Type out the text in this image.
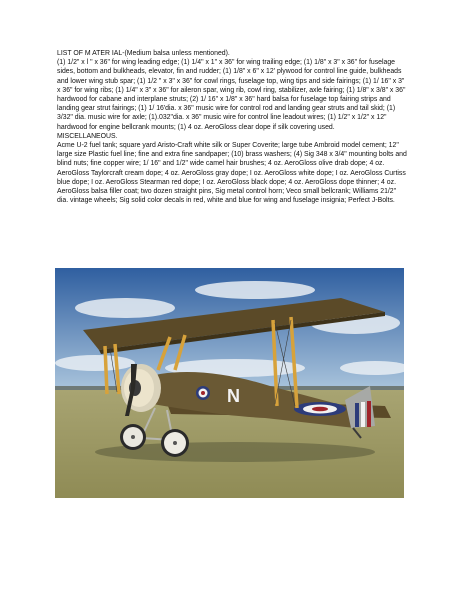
LIST OF M ATER IAL-(Medium balsa unless mentioned).

(1) 1/2" x l " x 36" for wing leading edge; (1) 1/4" x 1" x 36" for wing trailing edge; (1) 1/8" x 3" x 36" for fuselage sides, bottom and bulkheads, elevator, fin and rudder; (1) 1/8" x 6" x 12' plywood for control line guide, bulkheads and lower wing stub spar; (1) 1/2 " x 3" x 36" for cowl rings, fuselage top, wing tips and side fairings; (1) 1/ 16" x 3" x 36" for wing ribs; (1) 1/4" x 3" x 36" for aileron spar, wing rib, cowl ring, stabilizer, axle fairing; (1) 1/8" x 3/8" x 36" hardwood for cabane and interplane struts; (2) 1/ 16" x 1/8" x 36" hard balsa for fuselage top fairing strips and landing gear strut fairings; (1) 1/ 16'dia. x 36" music wire for control rod and landing gear struts and tail skid; (1) 3/32" dia. music wire for axle; (1).032"dia. x 36" music wire for control line leadout wires; (1) 1/2" x 1/2" x 12" hardwood for engine bellcrank mounts; (1) 4 oz. AeroGloss clear dope if silk covering used.

MISCELLANEOUS.

Acme U-2 fuel tank; square yard Aristo-Craft white silk or Super Coverite; large tube Ambroid model cement; 12" large size Plastic fuel line; fine and extra fine sandpaper; (10) brass washers; (4) Sig 348 x 3/4" mounting bolts and blind nuts; fine copper wire; 1/ 16" and 1/2" wide camel hair brushes; 4 oz. AeroGloss olive drab dope; 4 oz. AeroGloss Taylorcraft cream dope; 4 oz. AeroGloss gray dope; I oz. AeroGloss white dope; I oz. AeroGloss Curtiss blue dope; I oz. AeroGloss Stearman red dope; I oz. AeroGloss black dope; 4 oz. AeroGloss dope thinner; 4 oz. AeroGloss balsa filler coat; two dozen straight pins, Sig metal control horn; Veco small bellcrank; Williams 21/2" dia. vintage wheels; Sig solid color decals in red, white and blue for wing and fuselage insignia; Perfect J-Bolts.

N
